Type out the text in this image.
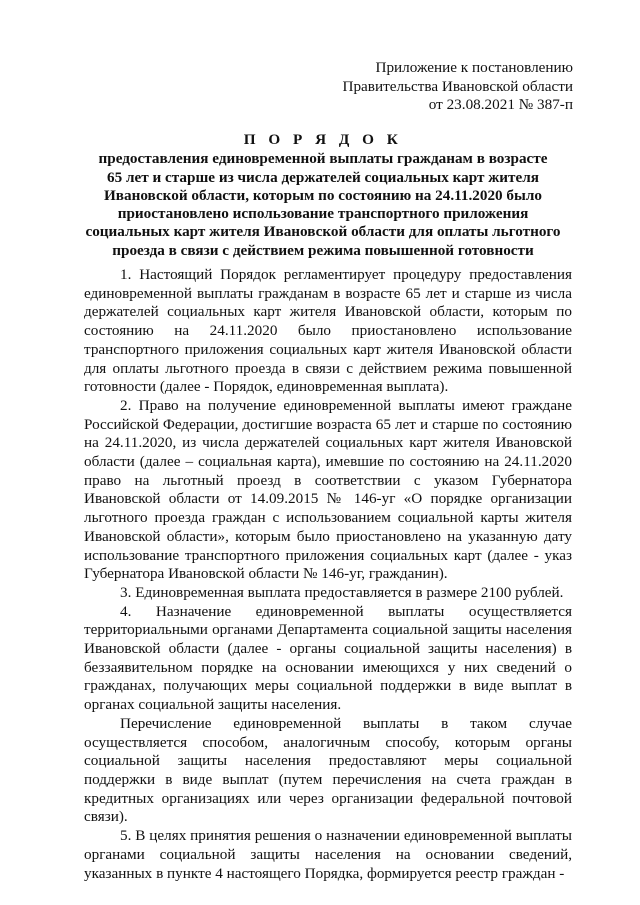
Приложение к постановлению
Правительства Ивановской области
от 23.08.2021 № 387-п
П О Р Я Д О К
предоставления единовременной выплаты гражданам в возрасте
65 лет и старше из числа держателей социальных карт жителя
Ивановской области, которым по состоянию на 24.11.2020 было
приостановлено использование транспортного приложения
социальных карт жителя Ивановской области для оплаты льготного
проезда в связи с действием режима повышенной готовности

1. Настоящий Порядок регламентирует процедуру предоставления единовременной выплаты гражданам в возрасте 65 лет и старше из числа держателей социальных карт жителя Ивановской области, которым по состоянию на 24.11.2020 было приостановлено использование транспортного приложения социальных карт жителя Ивановской области для оплаты льготного проезда в связи с действием режима повышенной готовности (далее - Порядок, единовременная выплата).

2. Право на получение единовременной выплаты имеют граждане Российской Федерации, достигшие возраста 65 лет и старше по состоянию на 24.11.2020, из числа держателей социальных карт жителя Ивановской области (далее – социальная карта), имевшие по состоянию на 24.11.2020 право на льготный проезд в соответствии с указом Губернатора Ивановской области от 14.09.2015 № 146-уг «О порядке организации льготного проезда граждан с использованием социальной карты жителя Ивановской области», которым было приостановлено на указанную дату использование транспортного приложения социальных карт (далее - указ Губернатора Ивановской области № 146-уг, гражданин).

3. Единовременная выплата предоставляется в размере 2100 рублей.

4. Назначение единовременной выплаты осуществляется территориальными органами Департамента социальной защиты населения Ивановской области (далее - органы социальной защиты населения) в беззаявительном порядке на основании имеющихся у них сведений о гражданах, получающих меры социальной поддержки в виде выплат в органах социальной защиты населения.

Перечисление единовременной выплаты в таком случае осуществляется способом, аналогичным способу, которым органы социальной защиты населения предоставляют меры социальной поддержки в виде выплат (путем перечисления на счета граждан в кредитных организациях или через организации федеральной почтовой связи).

5. В целях принятия решения о назначении единовременной выплаты органами социальной защиты населения на основании сведений, указанных в пункте 4 настоящего Порядка, формируется реестр граждан -
